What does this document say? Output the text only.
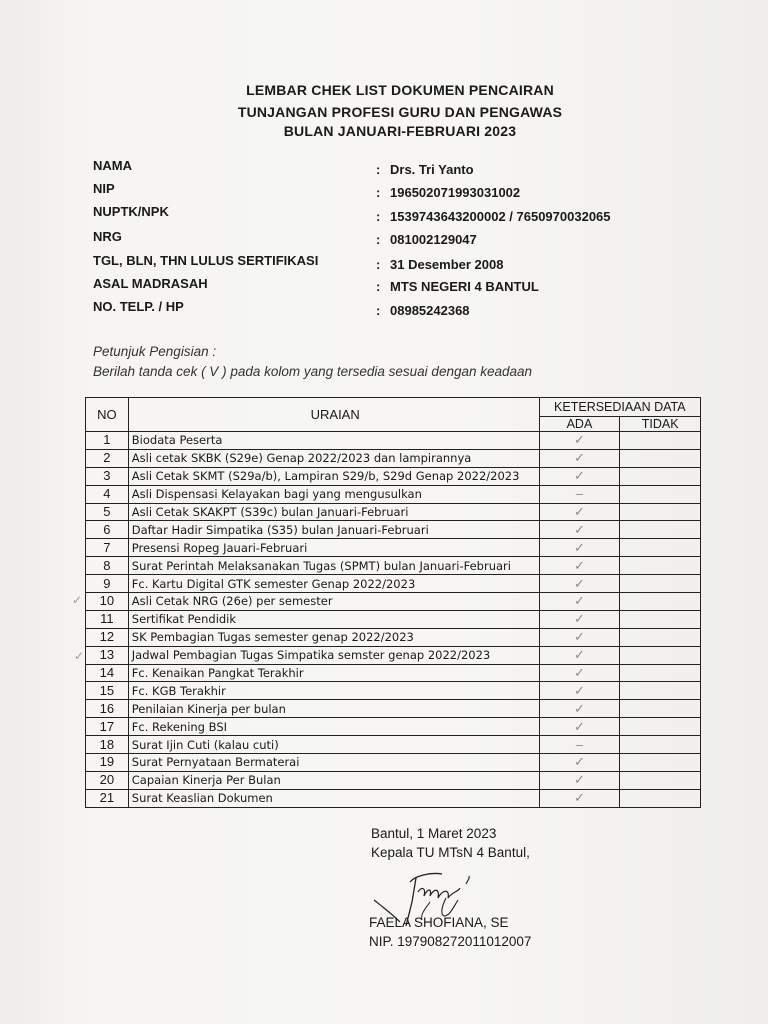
LEMBAR CHEK LIST DOKUMEN PENCAIRAN
TUNJANGAN PROFESI GURU DAN PENGAWAS
BULAN JANUARI-FEBRUARI 2023
NAMA	: Drs. Tri Yanto
NIP	: 196502071993031002
NUPTK/NPK	: 1539743643200002 / 7650970032065
NRG	: 081002129047
TGL, BLN, THN LULUS SERTIFIKASI	: 31 Desember 2008
ASAL MADRASAH	: MTS NEGERI 4 BANTUL
NO. TELP. / HP	: 08985242368
Petunjuk Pengisian :
Berilah tanda cek ( V ) pada kolom yang tersedia sesuai dengan keadaan
NO	URAIAN	KETERSEDIAAN DATA	
		ADA	TIDAK
1	Biodata Peserta	✓	
2	Asli cetak SKBK (S29e) Genap 2022/2023 dan lampirannya	✓	
3	Asli Cetak SKMT (S29a/b), Lampiran S29/b, S29d Genap 2022/2023	✓	
4	Asli Dispensasi Kelayakan bagi yang mengusulkan	–	
5	Asli Cetak SKAKPT (S39c) bulan Januari-Februari	✓	
6	Daftar Hadir Simpatika (S35) bulan Januari-Februari	✓	
7	Presensi Ropeg Jauari-Februari	✓	
8	Surat Perintah Melaksanakan Tugas (SPMT) bulan Januari-Februari	✓	
9	Fc. Kartu Digital GTK semester Genap 2022/2023	✓	
10	Asli Cetak NRG (26e) per semester	✓	
11	Sertifikat Pendidik	✓	
12	SK Pembagian Tugas semester genap 2022/2023	✓	
13	Jadwal Pembagian Tugas Simpatika semster genap 2022/2023	✓	
14	Fc. Kenaikan Pangkat Terakhir	✓	
15	Fc. KGB Terakhir	✓	
16	Penilaian Kinerja per bulan	✓	
17	Fc. Rekening BSI	✓	
18	Surat Ijin Cuti (kalau cuti)	–	
19	Surat Pernyataan Bermaterai	✓	
20	Capaian Kinerja Per Bulan	✓	
21	Surat Keaslian Dokumen	✓	
✓
✓
Bantul, 1 Maret 2023
Kepala TU MTsN 4 Bantul,
FAELA SHOFIANA, SE
NIP. 197908272011012007
